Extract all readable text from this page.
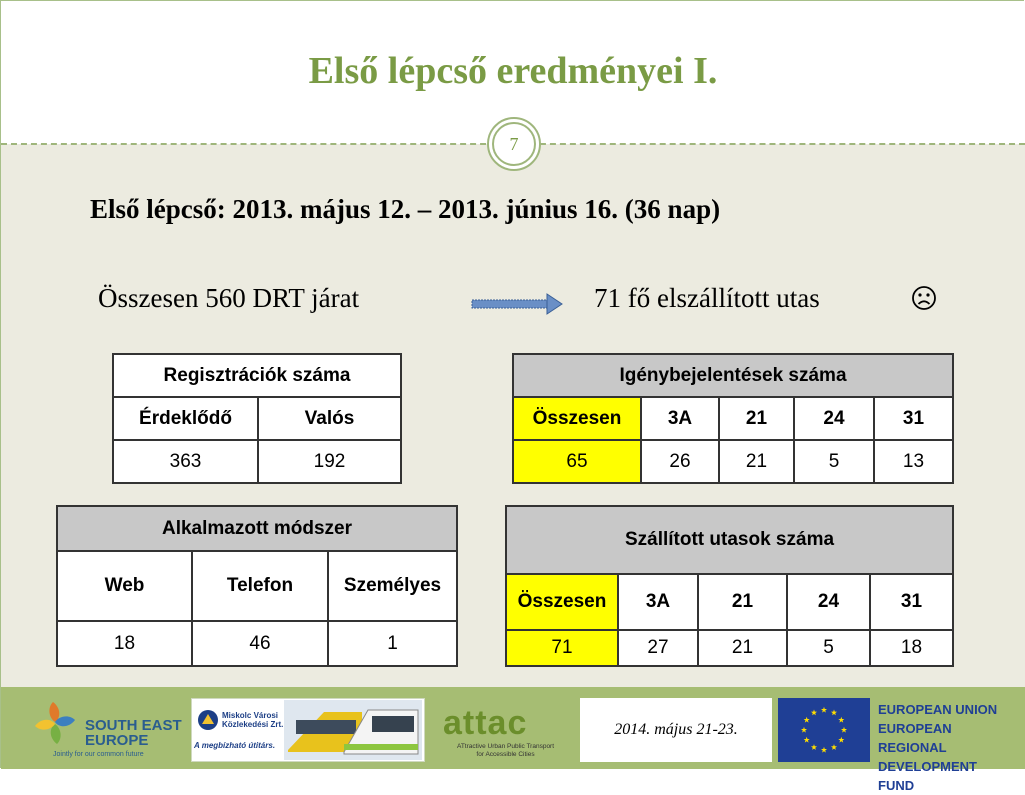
Első lépcső eredményei I.
7
Első lépcső: 2013. május 12. – 2013. június 16. (36 nap)
Összesen 560 DRT járat	71 fő elszállított utas
Regisztrációk száma	
Érdeklődő	Valós
363	192
Igénybejelentések száma				
Összesen	3A	21	24	31
65	26	21	5	13
Alkalmazott módszer		
Web	Telefon	Személyes
18	46	1
Szállított utasok száma				
Összesen	3A	21	24	31
71	27	21	5	18
SOUTH EAST
EUROPE
Jointly for our common future
Miskolc Városi
Közlekedési Zrt.
A megbízható útitárs.
attac
ATtractive Urban Public Transport
for Accessible Cities
2014. május 21-23.
EUROPEAN UNION
EUROPEAN REGIONAL
DEVELOPMENT FUND
